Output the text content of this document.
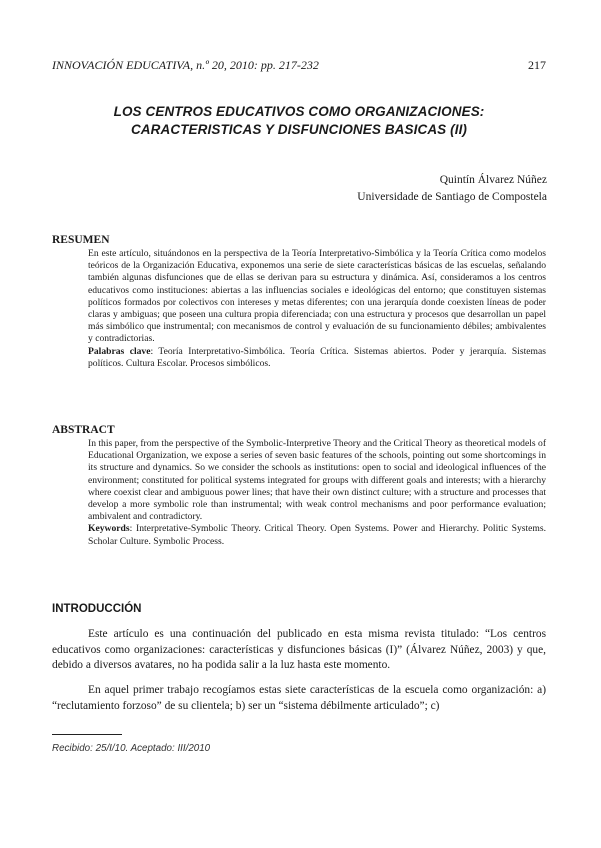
INNOVACIÓN EDUCATIVA, n.º 20, 2010: pp. 217-232	217
LOS CENTROS EDUCATIVOS COMO ORGANIZACIONES:
CARACTERISTICAS Y DISFUNCIONES BASICAS (II)
Quintín Álvarez Núñez
Universidade de Santiago de Compostela
RESUMEN

En este artículo, situándonos en la perspectiva de la Teoría Interpretativo-Simbólica y la Teoría Crítica como modelos teóricos de la Organización Educativa, exponemos una serie de siete características básicas de las escuelas, señalando también algunas disfunciones que de ellas se derivan para su estructura y dinámica. Así, consideramos a los centros educativos como instituciones: abiertas a las influencias sociales e ideológicas del entorno; que constituyen sistemas políticos formados por colectivos con intereses y metas diferentes; con una jerarquía donde coexisten líneas de poder claras y ambiguas; que poseen una cultura propia diferenciada; con una estructura y procesos que desarrollan un papel más simbólico que instrumental; con mecanismos de control y evaluación de su funcionamiento débiles; ambivalentes y contradictorias.

Palabras clave: Teoría Interpretativo-Simbólica. Teoría Crítica. Sistemas abiertos. Poder y jerarquía. Sistemas políticos. Cultura Escolar. Procesos simbólicos.

ABSTRACT

In this paper, from the perspective of the Symbolic-Interpretive Theory and the Critical Theory as theoretical models of Educational Organization, we expose a series of seven basic features of the schools, pointing out some shortcomings in its structure and dynamics. So we consider the schools as institutions: open to social and ideological influences of the environment; constituted for political systems integrated for groups with different goals and interests; with a hierarchy where coexist clear and ambiguous power lines; that have their own distinct culture; with a structure and processes that develop a more symbolic role than instrumental; with weak control mechanisms and poor performance evaluation; ambivalent and contradictory.

Keywords: Interpretative-Symbolic Theory. Critical Theory. Open Systems. Power and Hierarchy. Politic Systems. Scholar Culture. Symbolic Process.

INTRODUCCIÓN

Este artículo es una continuación del publicado en esta misma revista titulado: “Los centros educativos como organizaciones: características y disfunciones básicas (I)” (Álvarez Núñez, 2003) y que, debido a diversos avatares, no ha podida salir a la luz hasta este momento.

En aquel primer trabajo recogíamos estas siete características de la escuela como organización: a) “reclutamiento forzoso” de su clientela; b) ser un “sistema débilmente articulado”; c)

Recibido: 25/I/10. Aceptado: III/2010
